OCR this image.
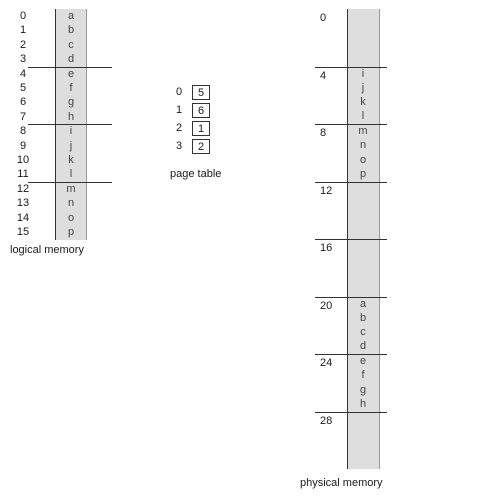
0	a
1	b
2	c
3	d
4	e
5	f
6	g
7	h
8	i
9	j
10	k
11	l
12	m
13	n
14	o
15	p
logical memory
0	5
1	6
2	1
3	2
page table
0
4	i
j
k
l
8	m
n
o
p
12
16
20	a
b
c
d
24	e
f
g
h
28
physical memory
